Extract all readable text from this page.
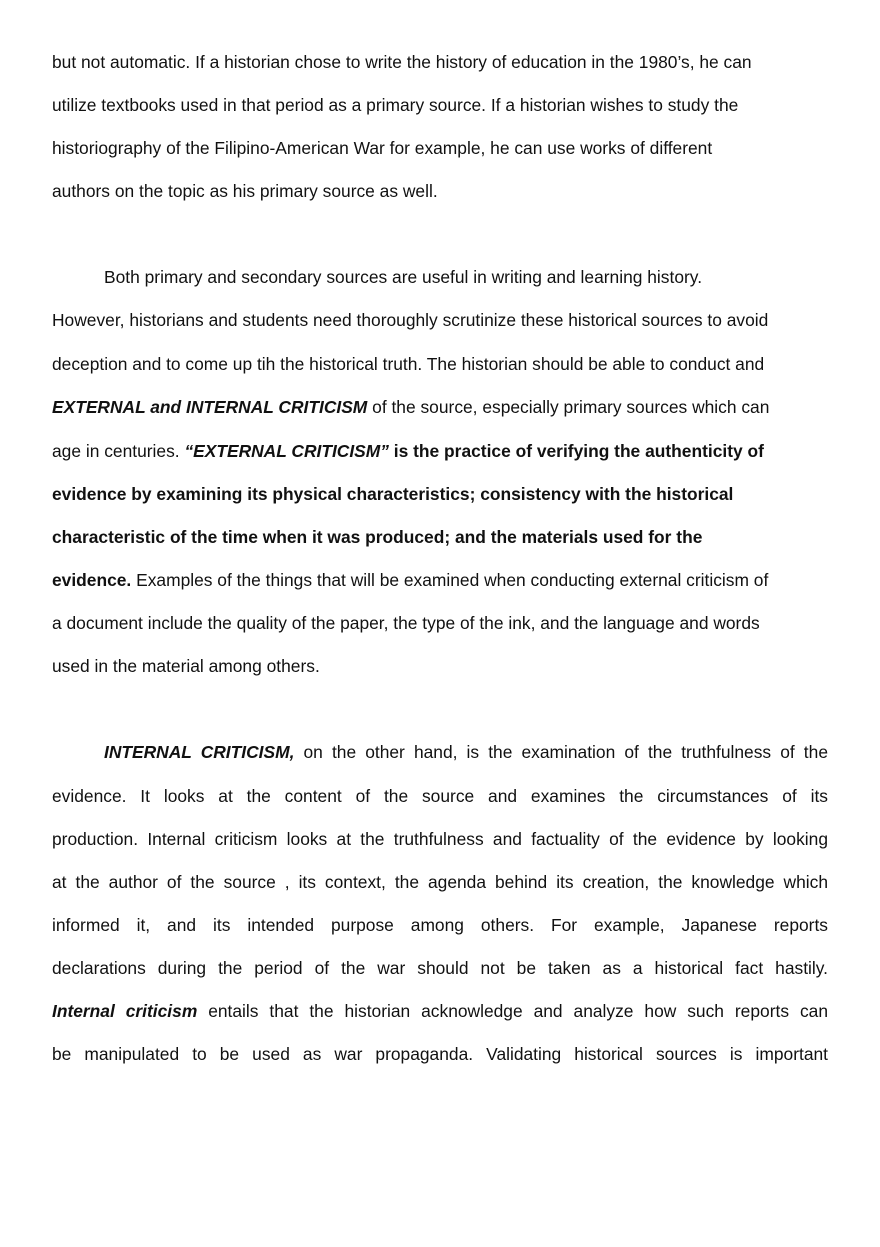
but not automatic. If a historian chose to write the history of education in the 1980’s, he can
utilize textbooks used in that period as a primary source. If a historian wishes to study the
historiography of the Filipino-American War for example, he can use works of different
authors on the topic as his primary source as well.
Both primary and secondary sources are useful in writing and learning history.
However, historians and students need thoroughly scrutinize these historical sources to avoid
deception and to come up tih the historical truth. The historian should be able to conduct and
EXTERNAL and INTERNAL CRITICISM of the source, especially primary sources which can
age in centuries. “EXTERNAL CRITICISM” is the practice of verifying the authenticity of
evidence by examining its physical characteristics; consistency with the historical
characteristic of the time when it was produced; and the materials used for the
evidence. Examples of the things that will be examined when conducting external criticism of
a document include the quality of the paper, the type of the ink, and the language and words
used in the material among others.
INTERNAL CRITICISM, on the other hand, is the examination of the truthfulness of the
evidence. It looks at the content of the source and examines the circumstances of its
production. Internal criticism looks at the truthfulness and factuality of the evidence by looking
at the author of the source , its context, the agenda behind its creation, the knowledge which
informed it, and its intended purpose among others. For example, Japanese reports
declarations during the period of the war should not be taken as a historical fact hastily.
Internal criticism entails that the historian acknowledge and analyze how such reports can
be manipulated to be used as war propaganda. Validating historical sources is important
